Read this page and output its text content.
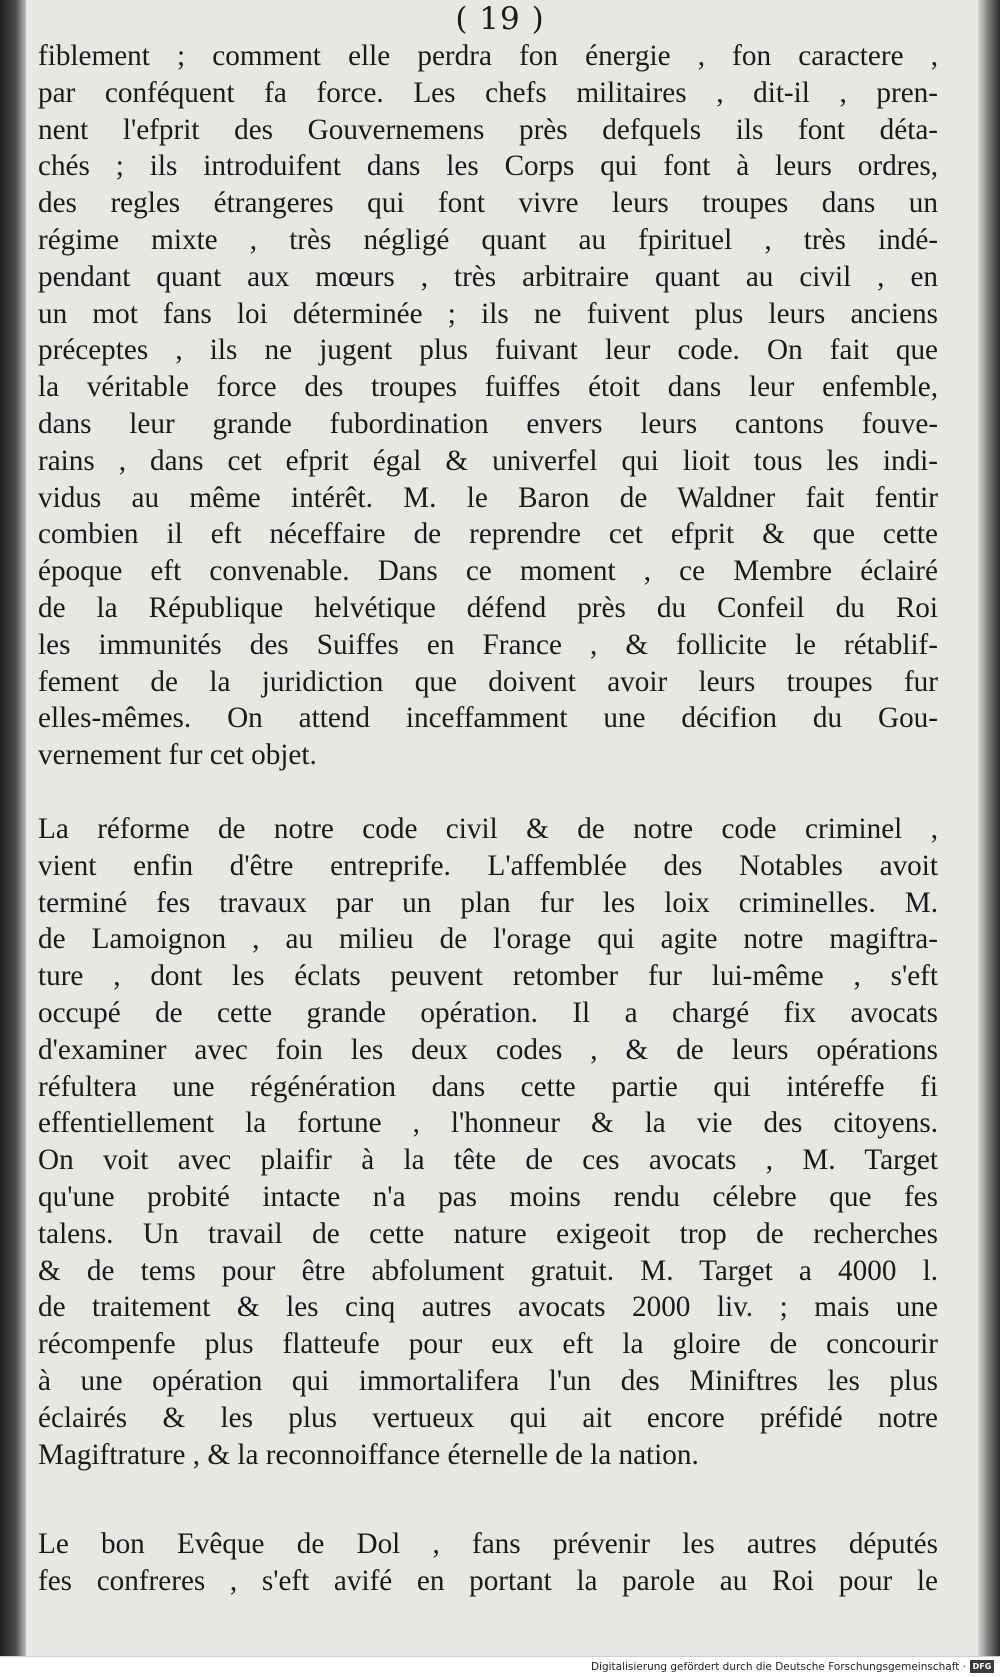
( 19 )
fiblement ; comment elle perdra fon énergie , fon caractere ,
par conféquent fa force. Les chefs militaires , dit-il , pren-
nent l'efprit des Gouvernemens près defquels ils font déta-
chés ; ils introduifent dans les Corps qui font à leurs ordres,
des regles étrangeres qui font vivre leurs troupes dans un
régime mixte , très négligé quant au fpirituel , très indé-
pendant quant aux mœurs , très arbitraire quant au civil , en
un mot fans loi déterminée ; ils ne fuivent plus leurs anciens
préceptes , ils ne jugent plus fuivant leur code. On fait que
la véritable force des troupes fuiffes étoit dans leur enfemble,
dans leur grande fubordination envers leurs cantons fouve-
rains , dans cet efprit égal & univerfel qui lioit tous les indi-
vidus au même intérêt. M. le Baron de Waldner fait fentir
combien il eft néceffaire de reprendre cet efprit & que cette
époque eft convenable. Dans ce moment , ce Membre éclairé
de la République helvétique défend près du Confeil du Roi
les immunités des Suiffes en France , & follicite le rétablif-
fement de la juridiction que doivent avoir leurs troupes fur
elles-mêmes. On attend inceffamment une décifion du Gou-
vernement fur cet objet.
La réforme de notre code civil & de notre code criminel ,
vient enfin d'être entreprife. L'affemblée des Notables avoit
terminé fes travaux par un plan fur les loix criminelles. M.
de Lamoignon , au milieu de l'orage qui agite notre magiftra-
ture , dont les éclats peuvent retomber fur lui-même , s'eft
occupé de cette grande opération. Il a chargé fix avocats
d'examiner avec foin les deux codes , & de leurs opérations
réfultera une régénération dans cette partie qui intéreffe fi
effentiellement la fortune , l'honneur & la vie des citoyens.
On voit avec plaifir à la tête de ces avocats , M. Target
qu'une probité intacte n'a pas moins rendu célebre que fes
talens. Un travail de cette nature exigeoit trop de recherches
& de tems pour être abfolument gratuit. M. Target a 4000 l.
de traitement & les cinq autres avocats 2000 liv. ; mais une
récompenfe plus flatteufe pour eux eft la gloire de concourir
à une opération qui immortalifera l'un des Miniftres les plus
éclairés & les plus vertueux qui ait encore préfidé notre
Magiftrature , & la reconnoiffance éternelle de la nation.
Le bon Evêque de Dol , fans prévenir les autres députés
fes confreres , s'eft avifé en portant la parole au Roi pour le
Digitalisierung gefördert durch die Deutsche Forschungsgemeinschaft · DFG
